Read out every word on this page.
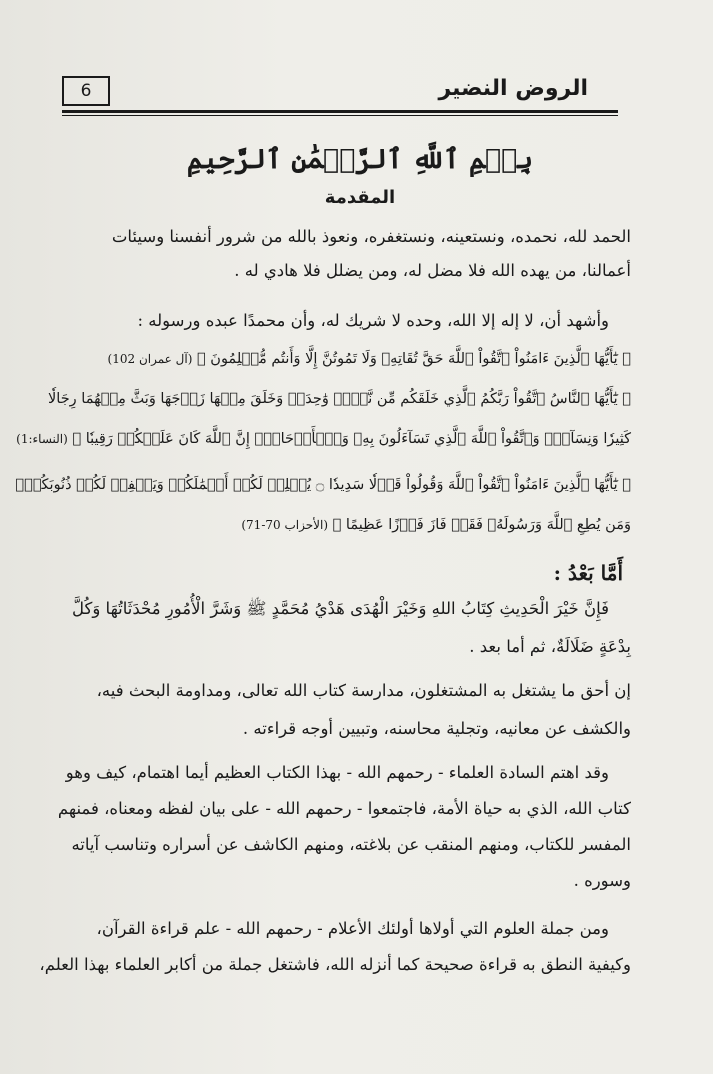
6	الروض النضير
بِسۡمِ ٱللَّهِ ٱلرَّحۡمَٰنِ ٱلرَّحِيمِ
المقدمة
الحمد لله، نحمده، ونستعينه، ونستغفره، ونعوذ بالله من شرور أنفسنا وسيئات
أعمالنا، من يهده الله فلا مضل له، ومن يضلل فلا هادي له .
وأشهد أن، لا إله إلا الله، وحده لا شريك له، وأن محمدًا عبده ورسوله :
﴿ يَٰٓأَيُّهَا ٱلَّذِينَ ءَامَنُواْ ٱتَّقُواْ ٱللَّهَ حَقَّ تُقَاتِهِۦ وَلَا تَمُوتُنَّ إِلَّا وَأَنتُم مُّسۡلِمُونَ ﴾ (آل عمران 102)
﴿ يَٰٓأَيُّهَا ٱلنَّاسُ ٱتَّقُواْ رَبَّكُمُ ٱلَّذِي خَلَقَكُم مِّن نَّفۡسٖ وَٰحِدَةٖ وَخَلَقَ مِنۡهَا زَوۡجَهَا وَبَثَّ مِنۡهُمَا رِجَالٗا
كَثِيرٗا وَنِسَآءٗۚ وَٱتَّقُواْ ٱللَّهَ ٱلَّذِي تَسَآءَلُونَ بِهِۦ وَٱلۡأَرۡحَامَۚ إِنَّ ٱللَّهَ كَانَ عَلَيۡكُمۡ رَقِيبٗا ﴾ (النساء:1)
﴿ يَٰٓأَيُّهَا ٱلَّذِينَ ءَامَنُواْ ٱتَّقُواْ ٱللَّهَ وَقُولُواْ قَوۡلٗا سَدِيدٗا ۝ يُصۡلِحۡ لَكُمۡ أَعۡمَٰلَكُمۡ وَيَغۡفِرۡ لَكُمۡ ذُنُوبَكُمۡۗ
وَمَن يُطِعِ ٱللَّهَ وَرَسُولَهُۥ فَقَدۡ فَازَ فَوۡزًا عَظِيمًا ﴾ (الأحزاب 70-71)
أَمَّا بَعْدُ :
فَإِنَّ خَيْرَ الْحَدِيثِ كِتَابُ اللهِ وَخَيْرَ الْهُدَى هَدْيُ مُحَمَّدٍ ﷺ وَشَرَّ الْأُمُورِ مُحْدَثَاتُهَا وَكُلَّ
بِدْعَةٍ ضَلَالَةٌ، ثم أما بعد .
إن أحق ما يشتغل به المشتغلون، مدارسة كتاب الله تعالى، ومداومة البحث فيه،
والكشف عن معانيه، وتجلية محاسنه، وتبيين أوجه قراءته .
وقد اهتم السادة العلماء - رحمهم الله - بهذا الكتاب العظيم أيما اهتمام، كيف وهو
كتاب الله، الذي به حياة الأمة، فاجتمعوا - رحمهم الله - على بيان لفظه ومعناه، فمنهم
المفسر للكتاب، ومنهم المنقب عن بلاغته، ومنهم الكاشف عن أسراره وتناسب آياته
وسوره .
ومن جملة العلوم التي أولاها أولئك الأعلام - رحمهم الله - علم قراءة القرآن،
وكيفية النطق به قراءة صحيحة كما أنزله الله، فاشتغل جملة من أكابر العلماء بهذا العلم،
